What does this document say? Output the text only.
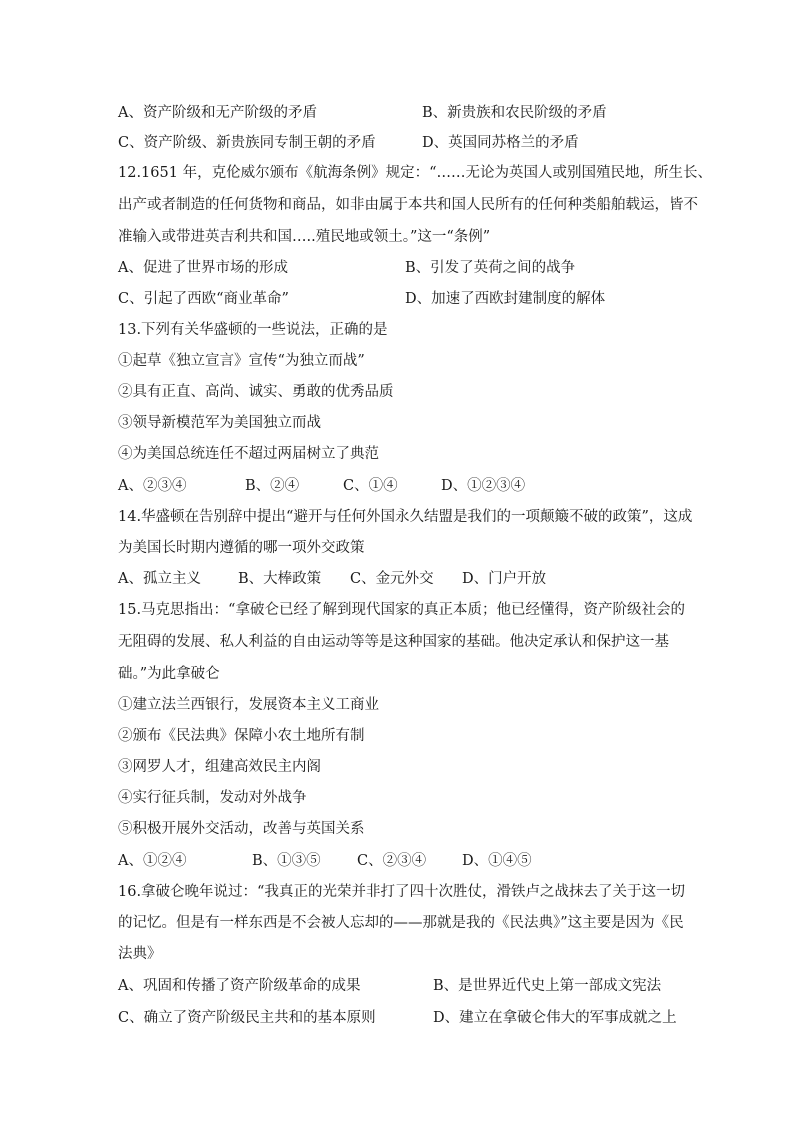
A、资产阶级和无产阶级的矛盾	B、新贵族和农民阶级的矛盾
C、资产阶级、新贵族同专制王朝的矛盾	D、英国同苏格兰的矛盾
12.1651 年，克伦威尔颁布《航海条例》规定：“……无论为英国人或别国殖民地，所生长、
出产或者制造的任何货物和商品，如非由属于本共和国人民所有的任何种类船舶载运，皆不
准输入或带进英吉利共和国…..殖民地或领土。”这一“条例”
A、促进了世界市场的形成	B、引发了英荷之间的战争
C、引起了西欧“商业革命”	D、加速了西欧封建制度的解体
13.下列有关华盛顿的一些说法，正确的是
①起草《独立宣言》宣传“为独立而战”
②具有正直、高尚、诚实、勇敢的优秀品质
③领导新模范军为美国独立而战
④为美国总统连任不超过两届树立了典范
A、②③④	B、②④	C、①④	D、①②③④
14.华盛顿在告别辞中提出“避开与任何外国永久结盟是我们的一项颠簸不破的政策”，这成
为美国长时期内遵循的哪一项外交政策
A、孤立主义	B、大棒政策 C、金元外交 D、门户开放
15.马克思指出：“拿破仑已经了解到现代国家的真正本质；他已经懂得，资产阶级社会的
无阻碍的发展、私人利益的自由运动等等是这种国家的基础。他决定承认和保护这一基
础。”为此拿破仑
①建立法兰西银行，发展资本主义工商业
②颁布《民法典》保障小农土地所有制
③网罗人才，组建高效民主内阁
④实行征兵制，发动对外战争
⑤积极开展外交活动，改善与英国关系
A、①②④	B、①③⑤	C、②③④ D、①④⑤
16.拿破仑晚年说过：“我真正的光荣并非打了四十次胜仗，滑铁卢之战抹去了关于这一切
的记忆。但是有一样东西是不会被人忘却的——那就是我的《民法典》”这主要是因为《民
法典》
A、巩固和传播了资产阶级革命的成果	B、是世界近代史上第一部成文宪法
C、确立了资产阶级民主共和的基本原则	D、建立在拿破仑伟大的军事成就之上
